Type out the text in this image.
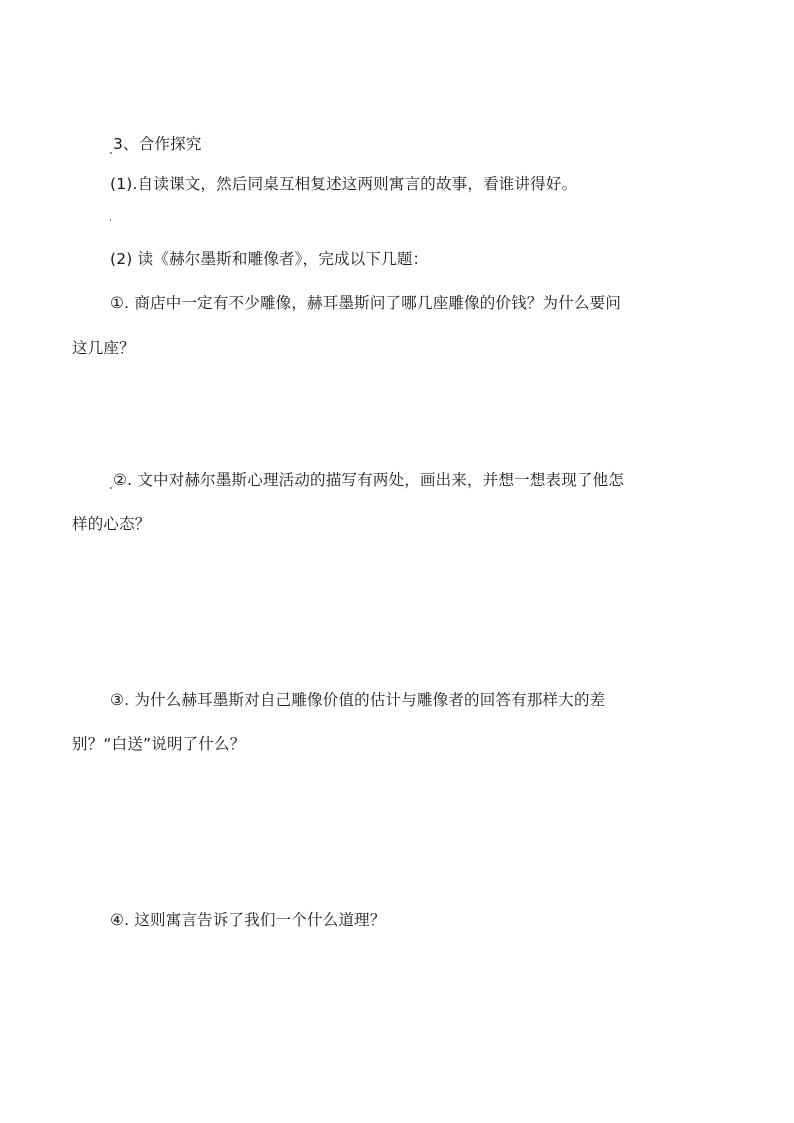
3、合作探究
(1).自读课文，然后同桌互相复述这两则寓言的故事，看谁讲得好。
(2) 读《赫尔墨斯和雕像者》，完成以下几题：
①. 商店中一定有不少雕像，赫耳墨斯问了哪几座雕像的价钱？为什么要问
这几座？
②. 文中对赫尔墨斯心理活动的描写有两处，画出来，并想一想表现了他怎
样的心态？
③. 为什么赫耳墨斯对自己雕像价值的估计与雕像者的回答有那样大的差
别？“白送”说明了什么？
④. 这则寓言告诉了我们一个什么道理？
